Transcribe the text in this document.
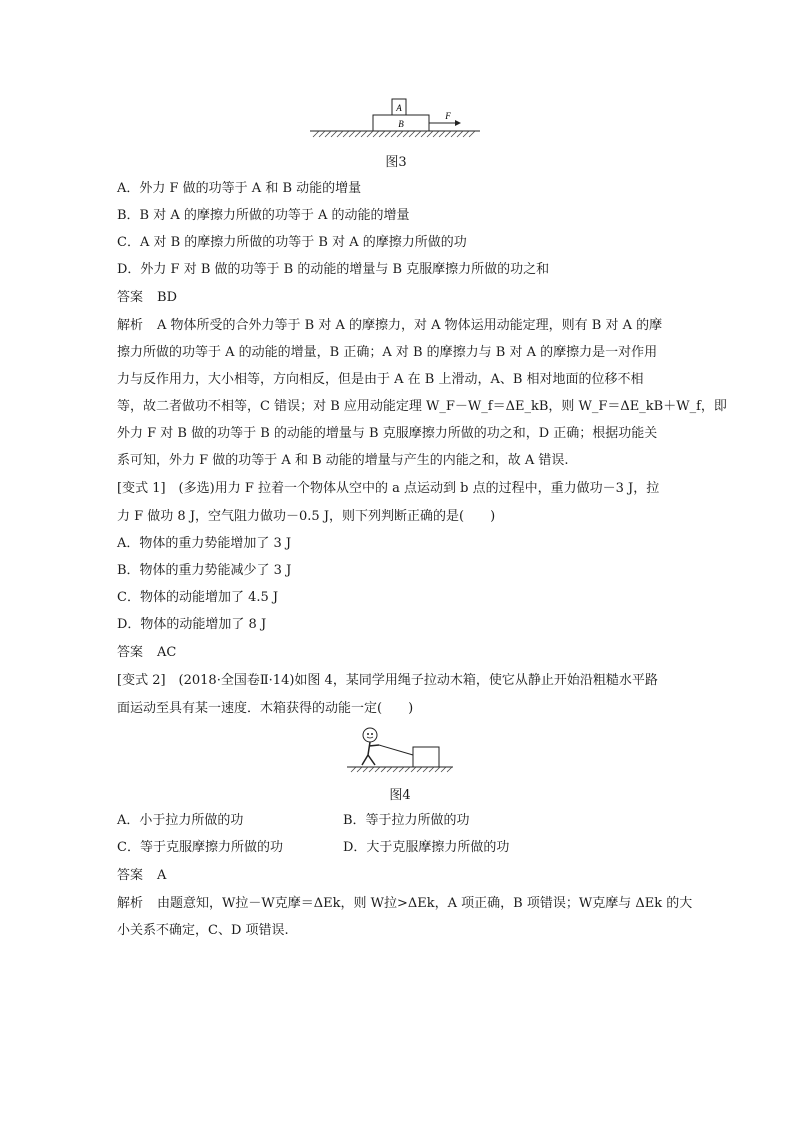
A
B
F
图3
A．外力 F 做的功等于 A 和 B 动能的增量
B．B 对 A 的摩擦力所做的功等于 A 的动能的增量
C．A 对 B 的摩擦力所做的功等于 B 对 A 的摩擦力所做的功
D．外力 F 对 B 做的功等于 B 的动能的增量与 B 克服摩擦力所做的功之和
答案 BD
解析 A 物体所受的合外力等于 B 对 A 的摩擦力，对 A 物体运用动能定理，则有 B 对 A 的摩
擦力所做的功等于 A 的动能的增量，B 正确；A 对 B 的摩擦力与 B 对 A 的摩擦力是一对作用
力与反作用力，大小相等，方向相反，但是由于 A 在 B 上滑动，A、B 相对地面的位移不相
等，故二者做功不相等，C 错误；对 B 应用动能定理 W_F－W_f＝ΔE_kB，则 W_F＝ΔE_kB＋W_f，即
外力 F 对 B 做的功等于 B 的动能的增量与 B 克服摩擦力所做的功之和，D 正确；根据功能关
系可知，外力 F 做的功等于 A 和 B 动能的增量与产生的内能之和，故 A 错误.
[变式 1]　(多选)用力 F 拉着一个物体从空中的 a 点运动到 b 点的过程中，重力做功－3 J，拉
力 F 做功 8 J，空气阻力做功－0.5 J，则下列判断正确的是(　　)
A．物体的重力势能增加了 3 J
B．物体的重力势能减少了 3 J
C．物体的动能增加了 4.5 J
D．物体的动能增加了 8 J
答案 AC
[变式 2]　(2018·全国卷Ⅱ·14)如图 4，某同学用绳子拉动木箱，使它从静止开始沿粗糙水平路
面运动至具有某一速度．木箱获得的动能一定(　　)
图4
A．小于拉力所做的功	B．等于拉力所做的功
C．等于克服摩擦力所做的功	D．大于克服摩擦力所做的功
答案 A
解析 由题意知，W拉－W克摩＝ΔEk，则 W拉>ΔEk，A 项正确，B 项错误；W克摩与 ΔEk 的大
小关系不确定，C、D 项错误.
